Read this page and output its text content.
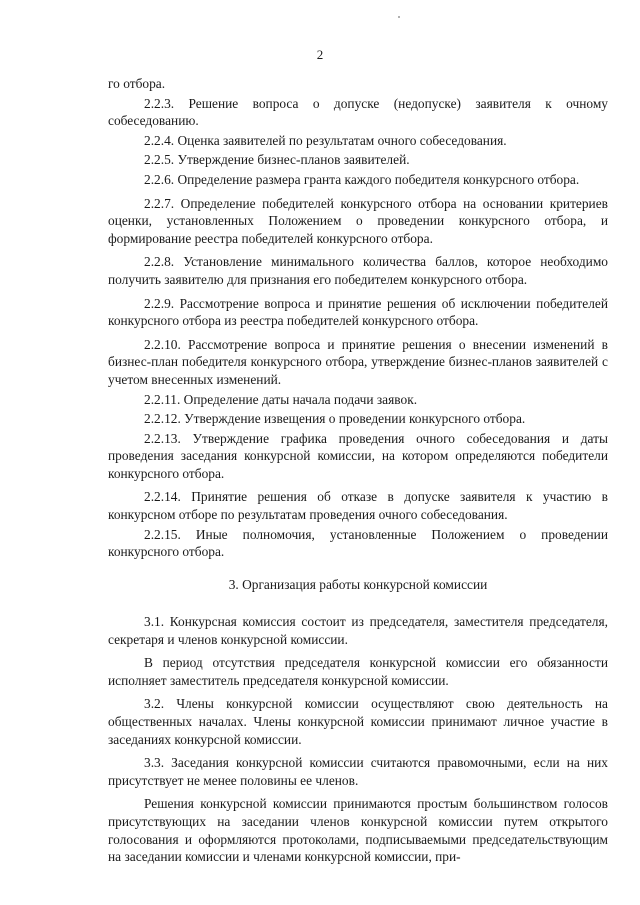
2

го отбора.

2.2.3. Решение вопроса о допуске (недопуске) заявителя к очному собеседованию.

2.2.4. Оценка заявителей по результатам очного собеседования.

2.2.5. Утверждение бизнес-планов заявителей.

2.2.6. Определение размера гранта каждого победителя конкурсного отбора.

2.2.7. Определение победителей конкурсного отбора на основании критериев оценки, установленных Положением о проведении конкурсного отбора, и формирование реестра победителей конкурсного отбора.

2.2.8. Установление минимального количества баллов, которое необходимо получить заявителю для признания его победителем конкурсного отбора.

2.2.9. Рассмотрение вопроса и принятие решения об исключении победителей конкурсного отбора из реестра победителей конкурсного отбора.

2.2.10. Рассмотрение вопроса и принятие решения о внесении изменений в бизнес-план победителя конкурсного отбора, утверждение бизнес-планов заявителей с учетом внесенных изменений.

2.2.11. Определение даты начала подачи заявок.

2.2.12. Утверждение извещения о проведении конкурсного отбора.

2.2.13. Утверждение графика проведения очного собеседования и даты проведения заседания конкурсной комиссии, на котором определяются победители конкурсного отбора.

2.2.14. Принятие решения об отказе в допуске заявителя к участию в конкурсном отборе по результатам проведения очного собеседования.

2.2.15. Иные полномочия, установленные Положением о проведении конкурсного отбора.

3. Организация работы конкурсной комиссии

3.1. Конкурсная комиссия состоит из председателя, заместителя председателя, секретаря и членов конкурсной комиссии.

В период отсутствия председателя конкурсной комиссии его обязанности исполняет заместитель председателя конкурсной комиссии.

3.2. Члены конкурсной комиссии осуществляют свою деятельность на общественных началах. Члены конкурсной комиссии принимают личное участие в заседаниях конкурсной комиссии.

3.3. Заседания конкурсной комиссии считаются правомочными, если на них присутствует не менее половины ее членов.

Решения конкурсной комиссии принимаются простым большинством голосов присутствующих на заседании членов конкурсной комиссии путем открытого голосования и оформляются протоколами, подписываемыми председательствующим на заседании комиссии и членами конкурсной комиссии, при-
